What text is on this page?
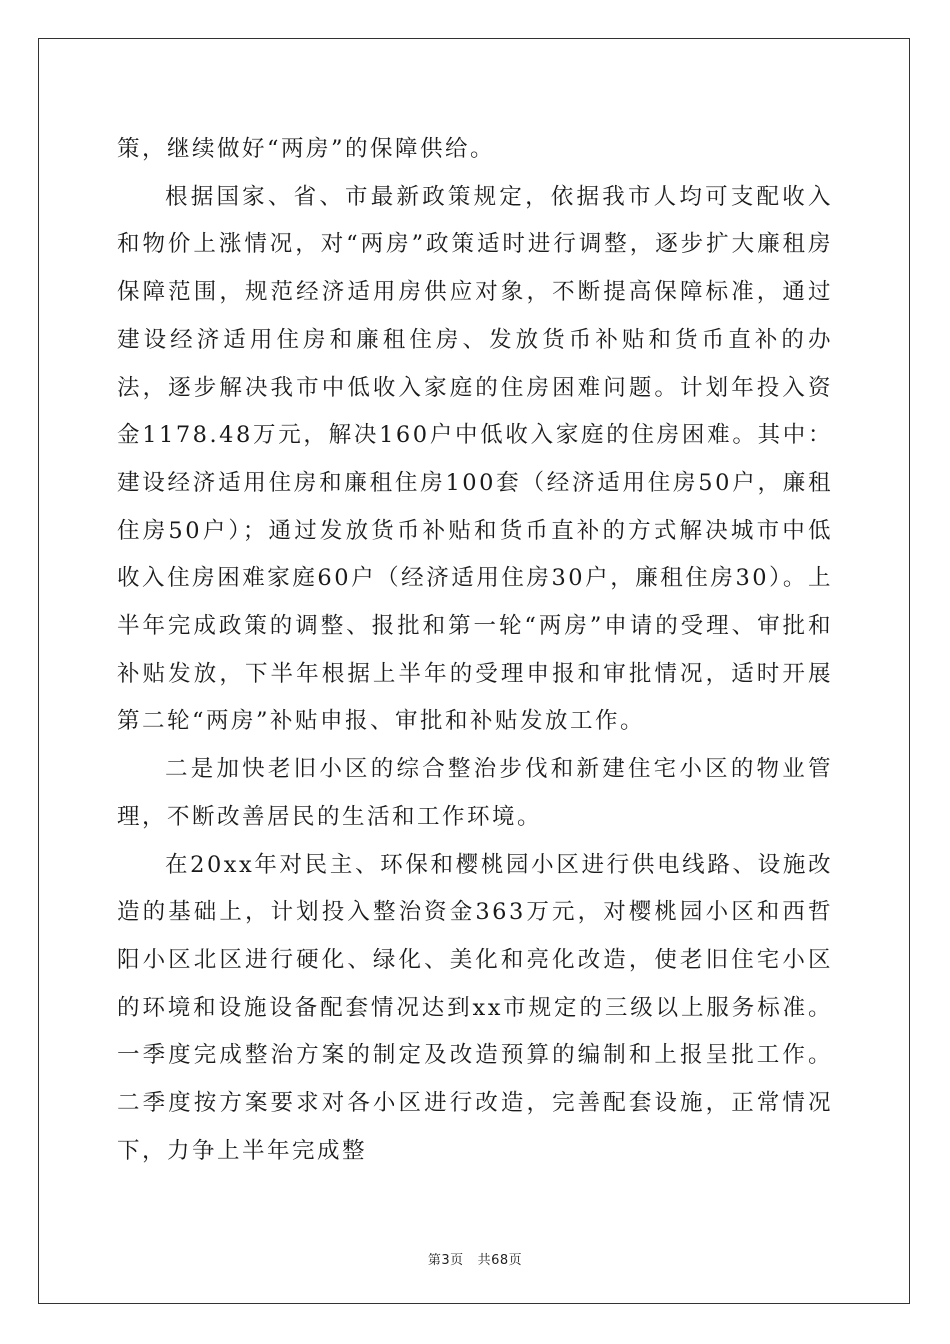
策，继续做好“两房”的保障供给。

根据国家、省、市最新政策规定，依据我市人均可支配收入和物价上涨情况，对“两房”政策适时进行调整，逐步扩大廉租房保障范围，规范经济适用房供应对象，不断提高保障标准，通过建设经济适用住房和廉租住房、发放货币补贴和货币直补的办法，逐步解决我市中低收入家庭的住房困难问题。计划年投入资金1178.48万元，解决160户中低收入家庭的住房困难。其中：建设经济适用住房和廉租住房100套（经济适用住房50户，廉租住房50户）；通过发放货币补贴和货币直补的方式解决城市中低收入住房困难家庭60户（经济适用住房30户，廉租住房30）。上半年完成政策的调整、报批和第一轮“两房”申请的受理、审批和补贴发放，下半年根据上半年的受理申报和审批情况，适时开展第二轮“两房”补贴申报、审批和补贴发放工作。

二是加快老旧小区的综合整治步伐和新建住宅小区的物业管理，不断改善居民的生活和工作环境。

在20xx年对民主、环保和樱桃园小区进行供电线路、设施改造的基础上，计划投入整治资金363万元，对樱桃园小区和西哲阳小区北区进行硬化、绿化、美化和亮化改造，使老旧住宅小区的环境和设施设备配套情况达到xx市规定的三级以上服务标准。一季度完成整治方案的制定及改造预算的编制和上报呈批工作。二季度按方案要求对各小区进行改造，完善配套设施，正常情况下，力争上半年完成整

第3页 共68页
